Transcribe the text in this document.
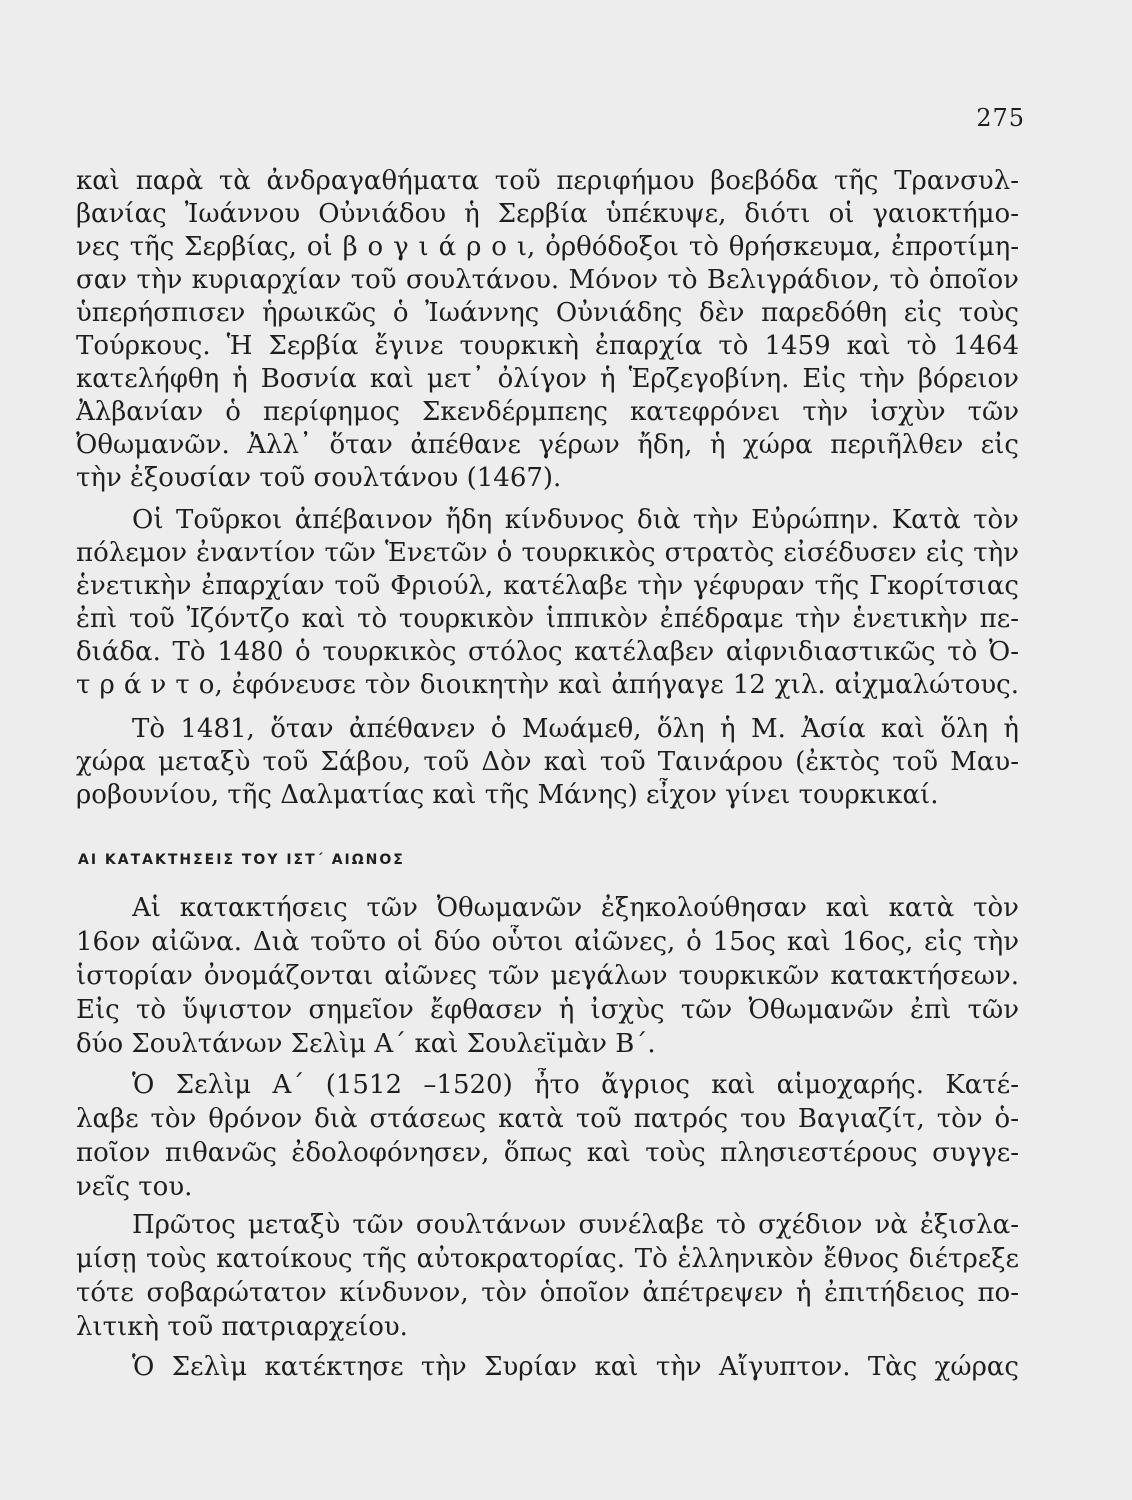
275
καὶ παρὰ τὰ ἀνδραγαθήματα τοῦ περιφήμου βοεβόδα τῆς Τρανσυλ-
βανίας Ἰωάννου Οὐνιάδου ἡ Σερβία ὑπέκυψε, διότι οἱ γαιοκτήμο-
νες τῆς Σερβίας, οἱ β ο γ ι ά ρ ο ι, ὀρθόδοξοι τὸ θρήσκευμα, ἐπροτίμη-
σαν τὴν κυριαρχίαν τοῦ σουλτάνου. Μόνον τὸ Βελιγράδιον, τὸ ὁποῖον
ὑπερήσπισεν ἡρωικῶς ὁ Ἰωάννης Οὐνιάδης δὲν παρεδόθη εἰς τοὺς
Τούρκους. Ἡ Σερβία ἔγινε τουρκικὴ ἐπαρχία τὸ 1459 καὶ τὸ 1464
κατελήφθη ἡ Βοσνία καὶ μετ᾿ ὀλίγον ἡ Ἑρζεγοβίνη. Εἰς τὴν βόρειον
Ἀλβανίαν ὁ περίφημος Σκενδέρμπεης κατεφρόνει τὴν ἰσχὺν τῶν
Ὀθωμανῶν. Ἀλλ᾿ ὅταν ἀπέθανε γέρων ἤδη, ἡ χώρα περιῆλθεν εἰς
τὴν ἐξουσίαν τοῦ σουλτάνου (1467).
Οἱ Τοῦρκοι ἀπέβαινον ἤδη κίνδυνος διὰ τὴν Εὐρώπην. Κατὰ τὸν
πόλεμον ἐναντίον τῶν Ἑνετῶν ὁ τουρκικὸς στρατὸς εἰσέδυσεν εἰς τὴν
ἑνετικὴν ἐπαρχίαν τοῦ Φριούλ, κατέλαβε τὴν γέφυραν τῆς Γκορίτσιας
ἐπὶ τοῦ Ἰζόντζο καὶ τὸ τουρκικὸν ἱππικὸν ἐπέδραμε τὴν ἑνετικὴν πε-
διάδα. Τὸ 1480 ὁ τουρκικὸς στόλος κατέλαβεν αἰφνιδιαστικῶς τὸ Ὀ-
τ ρ ά ν τ ο, ἐφόνευσε τὸν διοικητὴν καὶ ἀπήγαγε 12 χιλ. αἰχμαλώτους.
Τὸ 1481, ὅταν ἀπέθανεν ὁ Μωάμεθ, ὅλη ἡ Μ. Ἀσία καὶ ὅλη ἡ
χώρα μεταξὺ τοῦ Σάβου, τοῦ Δὸν καὶ τοῦ Ταινάρου (ἐκτὸς τοῦ Μαυ-
ροβουνίου, τῆς Δαλματίας καὶ τῆς Μάνης) εἶχον γίνει τουρκικαί.
ΑΙ ΚΑΤΑΚΤΗΣΕΙΣ ΤΟΥ ΙΣΤ΄ ΑΙΩΝΟΣ
Αἱ κατακτήσεις τῶν Ὀθωμανῶν ἐξηκολούθησαν καὶ κατὰ τὸν
16ον αἰῶνα. Διὰ τοῦτο οἱ δύο οὗτοι αἰῶνες, ὁ 15ος καὶ 16ος, εἰς τὴν
ἱστορίαν ὀνομάζονται αἰῶνες τῶν μεγάλων τουρκικῶν κατακτήσεων.
Εἰς τὸ ὕψιστον σημεῖον ἔφθασεν ἡ ἰσχὺς τῶν Ὀθωμανῶν ἐπὶ τῶν
δύο Σουλτάνων Σελὶμ Α΄ καὶ Σουλεϊμὰν Β΄.
Ὁ Σελὶμ Α΄ (1512 –1520) ἦτο ἄγριος καὶ αἱμοχαρής. Κατέ-
λαβε τὸν θρόνον διὰ στάσεως κατὰ τοῦ πατρός του Βαγιαζίτ, τὸν ὁ-
ποῖον πιθανῶς ἐδολοφόνησεν, ὅπως καὶ τοὺς πλησιεστέρους συγγε-
νεῖς του.
Πρῶτος μεταξὺ τῶν σουλτάνων συνέλαβε τὸ σχέδιον νὰ ἐξισλα-
μίσῃ τοὺς κατοίκους τῆς αὐτοκρατορίας. Τὸ ἑλληνικὸν ἔθνος διέτρεξε
τότε σοβαρώτατον κίνδυνον, τὸν ὁποῖον ἀπέτρεψεν ἡ ἐπιτήδειος πο-
λιτικὴ τοῦ πατριαρχείου.
Ὁ Σελὶμ κατέκτησε τὴν Συρίαν καὶ τὴν Αἴγυπτον. Τὰς χώρας
